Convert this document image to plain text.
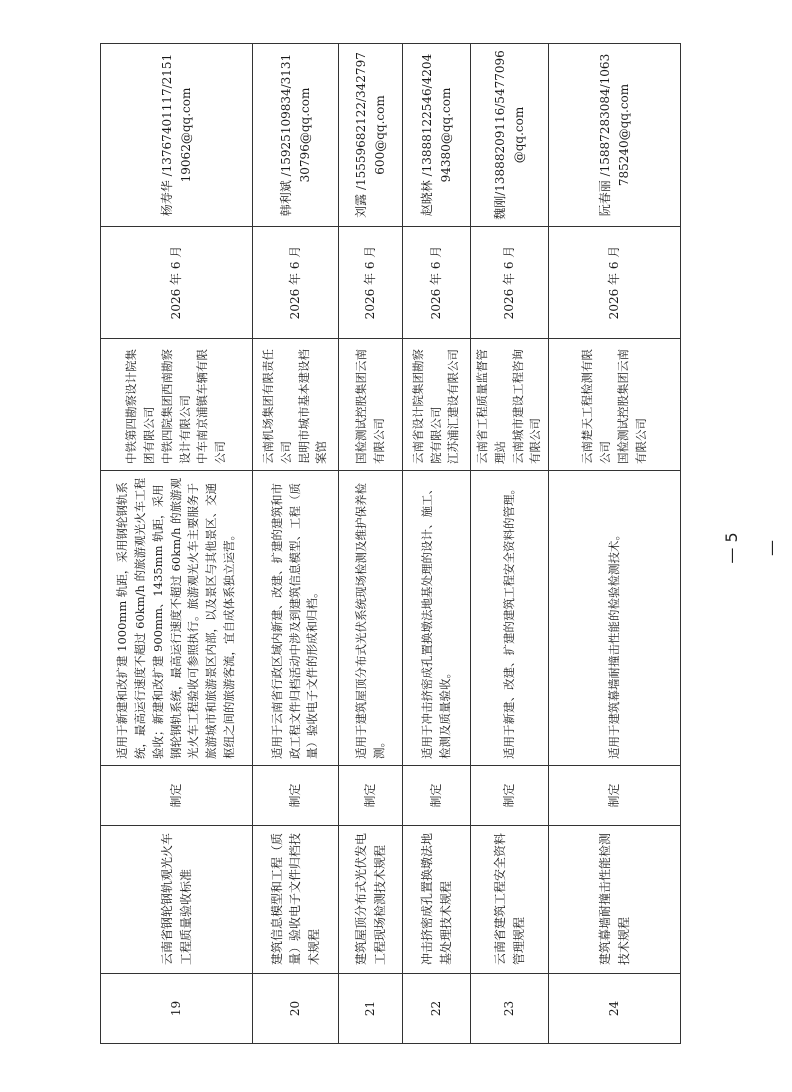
19	云南省钢轮钢轨观光火车工程质量验收标准	制定	适用于新建和改扩建 1000mm 轨距，采用钢轮钢轨系统，最高运行速度不超过 60km/h 的旅游观光火车工程验收；新建和改扩建 900mm、1435mm 轨距，采用钢轮钢轨系统，最高运行速度不超过 60km/h 的旅游观光火车工程验收可参照执行。旅游观光火车主要服务于旅游城市和旅游景区内部，以及景区与其他景区、交通枢纽之间的旅游客流，宜自成体系独立运营。	中铁第四勘察设计院集团有限公司 中铁四院集团西南勘察设计有限公司 中车南京浦镇车辆有限公司	2026 年 6 月	杨寿华 /13767401117/215119062@qq.com
20	建筑信息模型和工程（质量）验收电子文件归档技术规程	制定	适用于云南省行政区域内新建、改建、扩建的建筑和市政工程文件归档活动中涉及到建筑信息模型、工程（质量）验收电子文件的形成和归档。	云南机场集团有限责任公司 昆明市城市基本建设档案馆	2026 年 6 月	韩利斌 /15925109834/313130796@qq.com
21	建筑屋顶分布式光伏发电工程现场检测技术规程	制定	适用于建筑屋顶分布式光伏系统现场检测及维护保养检测。	国检测试控股集团云南有限公司	2026 年 6 月	刘露 /15559682122/342797600@qq.com
22	冲击挤密成孔置换墩法地基处理技术规程	制定	适用于冲击挤密成孔置换墩法地基处理的设计、施工、检测及质量验收。	云南省设计院集团勘察院有限公司 江苏浦汇建设有限公司	2026 年 6 月	赵晓林 /13888122546/420494380@qq.com
23	云南省建筑工程安全资料管理规程	制定	适用于新建、改建、扩建的建筑工程安全资料的管理。	云南省工程质量监督管理站 云南城市建设工程咨询有限公司	2026 年 6 月	魏刚/13888209116/5477096@qq.com
24	建筑幕墙耐撞击性能检测技术规程	制定	适用于建筑幕墙耐撞击性能的检验检测技术。	云南楚天工程检测有限公司 国检测试控股集团云南有限公司	2026 年 6 月	阮春丽 /15887283084/1063785240@qq.com
— 5 —
